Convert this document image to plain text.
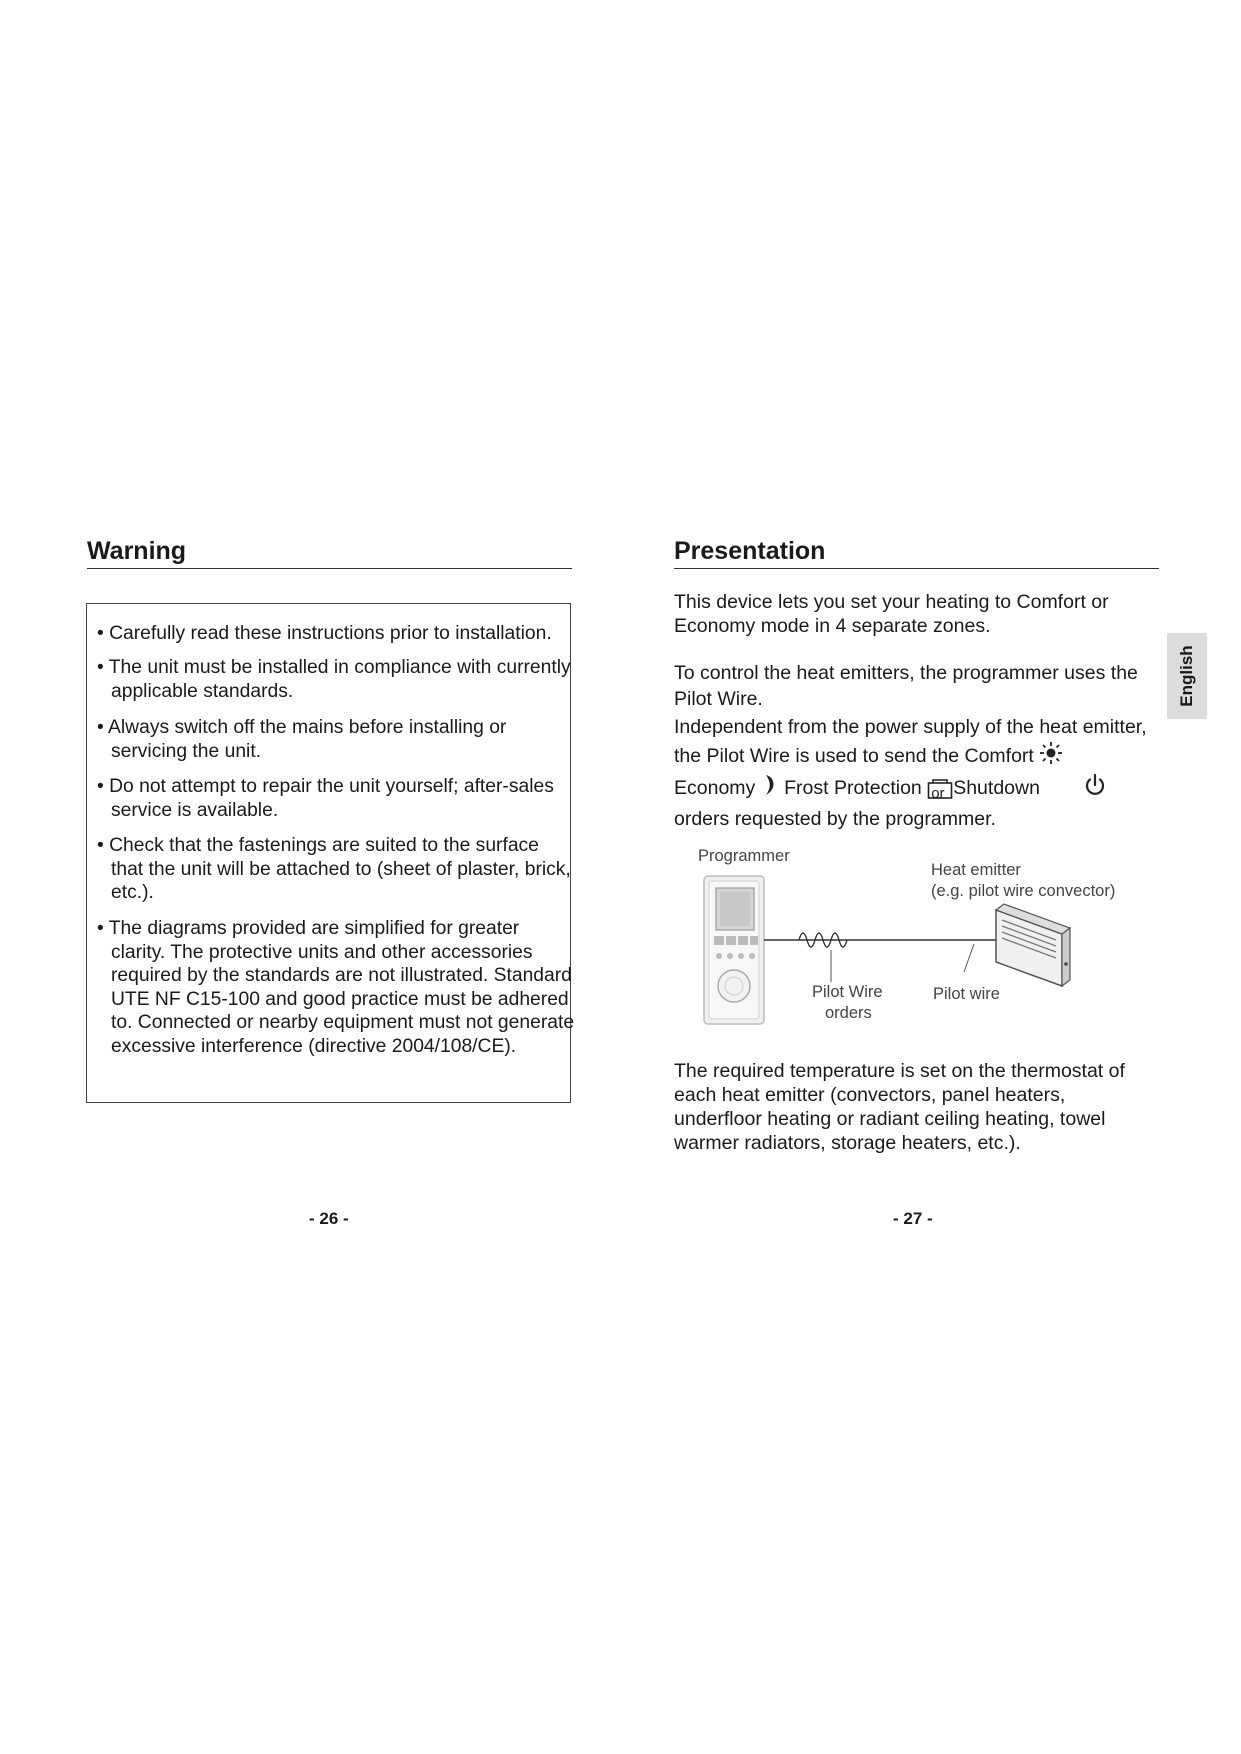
Warning
• Carefully read these instructions prior to installation.
• The unit must be installed in compliance with currently applicable standards.
• Always switch off the mains before installing or servicing the unit.
• Do not attempt to repair the unit yourself; after-sales service is available.
• Check that the fastenings are suited to the surface that the unit will be attached to (sheet of plaster, brick, etc.).
• The diagrams provided are simplified for greater clarity. The protective units and other accessories required by the standards are not illustrated. Standard UTE NF C15-100 and good practice must be adhered to. Connected or nearby equipment must not generate excessive interference (directive 2004/108/CE).
- 26 -
Presentation
This device lets you set your heating to Comfort or Economy mode in 4 separate zones.
To control the heat emitters, the programmer uses the Pilot Wire.
Independent from the power supply of the heat emitter, the Pilot Wire is used to send the Comfort
Economy Frost Protection or Shutdown
orders requested by the programmer.
Programmer
Heat emitter
(e.g. pilot wire convector)
Pilot Wire
orders
Pilot wire
The required temperature is set on the thermostat of each heat emitter (convectors, panel heaters, underfloor heating or radiant ceiling heating, towel warmer radiators, storage heaters, etc.).
- 27 -
English
